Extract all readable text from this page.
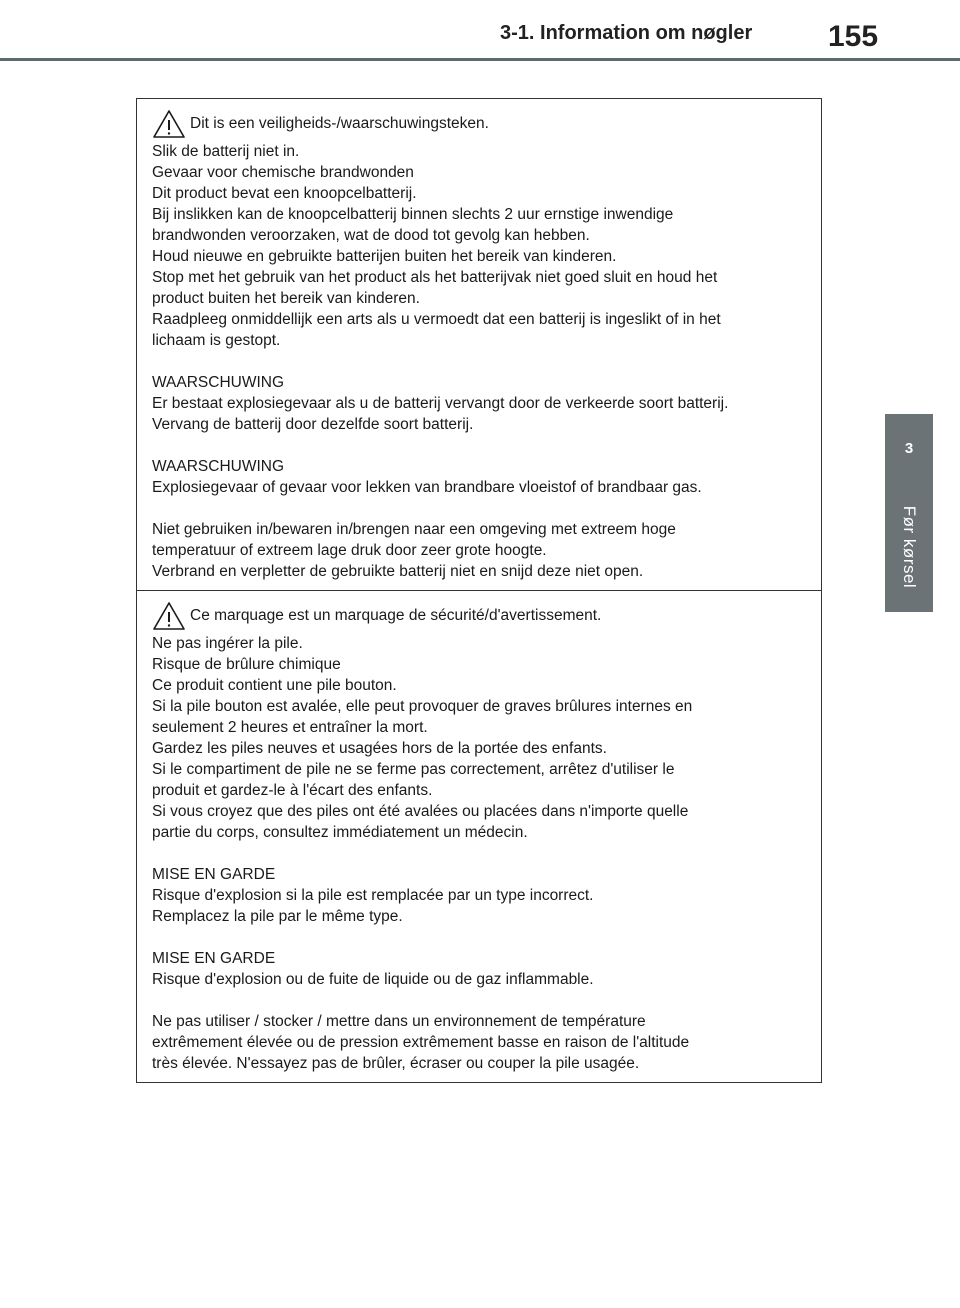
3-1. Information om nøgler	155
3
Før kørsel
Dit is een veiligheids-/waarschuwingsteken.
Slik de batterij niet in.
Gevaar voor chemische brandwonden
Dit product bevat een knoopcelbatterij.
Bij inslikken kan de knoopcelbatterij binnen slechts 2 uur ernstige inwendige
brandwonden veroorzaken, wat de dood tot gevolg kan hebben.
Houd nieuwe en gebruikte batterijen buiten het bereik van kinderen.
Stop met het gebruik van het product als het batterijvak niet goed sluit en houd het
product buiten het bereik van kinderen.
Raadpleeg onmiddellijk een arts als u vermoedt dat een batterij is ingeslikt of in het
lichaam is gestopt.
WAARSCHUWING
Er bestaat explosiegevaar als u de batterij vervangt door de verkeerde soort batterij.
Vervang de batterij door dezelfde soort batterij.
WAARSCHUWING
Explosiegevaar of gevaar voor lekken van brandbare vloeistof of brandbaar gas.
Niet gebruiken in/bewaren in/brengen naar een omgeving met extreem hoge
temperatuur of extreem lage druk door zeer grote hoogte.
Verbrand en verpletter de gebruikte batterij niet en snijd deze niet open.
Ce marquage est un marquage de sécurité/d'avertissement.
Ne pas ingérer la pile.
Risque de brûlure chimique
Ce produit contient une pile bouton.
Si la pile bouton est avalée, elle peut provoquer de graves brûlures internes en
seulement 2 heures et entraîner la mort.
Gardez les piles neuves et usagées hors de la portée des enfants.
Si le compartiment de pile ne se ferme pas correctement, arrêtez d'utiliser le
produit et gardez-le à l'écart des enfants.
Si vous croyez que des piles ont été avalées ou placées dans n'importe quelle
partie du corps, consultez immédiatement un médecin.
MISE EN GARDE
Risque d'explosion si la pile est remplacée par un type incorrect.
Remplacez la pile par le même type.
MISE EN GARDE
Risque d'explosion ou de fuite de liquide ou de gaz inflammable.
Ne pas utiliser / stocker / mettre dans un environnement de température
extrêmement élevée ou de pression extrêmement basse en raison de l'altitude
très élevée. N'essayez pas de brûler, écraser ou couper la pile usagée.
